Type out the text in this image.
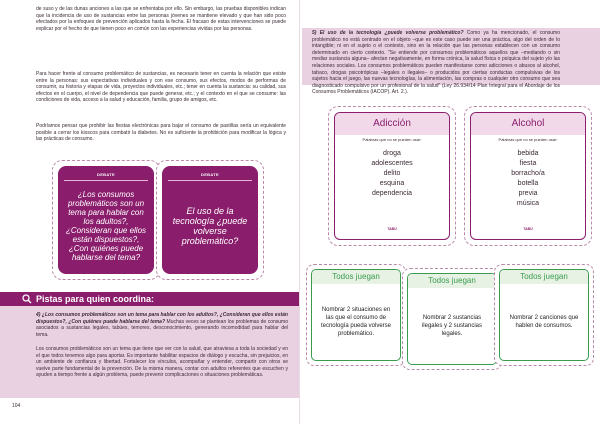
de suso y de las dunas anciones a las que se enfrentaba por ello. Sin embargo, las pruebas disponibles indican que la incidencia de uso de sustancias entre las personas jóvenes se mantiene elevado y que han sido poco efectados por la enfoques de prevención aplicados hasta la fecha. El fracaso de estas intervenciones se puede explicar por el hecho de que tienen poco en común con las experiencias vividas por las personas.

Para hacer frente al consumo problemático de sustancias, es necesario tener en cuenta la relación que existe entre la personas: sus expectativas individuales y con ese consumo, sus efectos, modos de performas de consumir, su historia y etapas de vida, proyectos individuales, etc.; tener en cuenta la sustancia: su calidad, sus efectos en el cuerpo, el nivel de dependencia que puede generar, etc.; y el contexto en el que se consume: las condiciones de vida, acceso a la salud y educación, familia, grupo de amigos, etc.

Podríamos pensar que prohibir las fiestas electrónicas para bajar el consumo de pastillas sería un equivalente posible a cerrar los kioscos para combatir la diabetes. No es suficiente la prohibición para modificar la lógica y las prácticas de consumo.

DEBATE
¿Los consumos problemáticos son un tema para hablar con los adultos?, ¿Consideran que ellos están dispuestos?, ¿Con quiénes puede hablarse del tema?
DEBATE
El uso de la tecnología ¿puede volverse problemático?
Pistas para quien coordina:

4) ¿Los consumos problemáticos son un tema para hablar con los adultos?, ¿Consideran que ellos están dispuestos?, ¿Con quiénes puede hablarse del tema? Muchas veces se plantean los problemas de consumo asociados a sustancias legales, tabúes, temores, desconocimiento, generando incomodidad para hablar del tema.

Los consumos problemáticos son un tema que tiene que ver con la salud, que atraviesa a toda la sociedad y en el que todos tenemos algo para aportar. Es importante habilitar espacios de diálogo y escucha, sin prejuicios, en un ambiente de confianza y libertad. Fortalecer los vínculos, acompañar y entender, compartir con otros se vuelve parte fundamental de la prevención. De la misma manera, contar con adultos referentes que escuchen y ayuden a tiempo frente a algún problema, puede prevenir complicaciones o situaciones problemáticas.

104

5) El uso de la tecnología ¿puede volverse problemático? Como ya ha mencionado, el consumo problemático no está centrado en el objeto –que es este caso puede ser una práctica, algo del orden de lo intangible; ni en el sujeto o el contexto, sino en la relación que las personas establecen con un consumo determinado en cierto contexto. "Se entiende por consumos problemáticos aquellos que –mediando o sin mediar sustancia alguna– afectan negativamente, en forma crónica, la salud física o psíquica del sujeto y/o las relaciones sociales. Los consumos problemáticos pueden manifestarse como adicciones o abusos al alcohol, tabaco, drogas psicotrópicas –legales o ilegales– o producidos por ciertas conductas compulsivas de los sujetos hacia el juego, las nuevas tecnologías, la alimentación, las compras o cualquier otro consumo que sea diagnosticado compulsivo por un profesional de la salud" (Ley 26.934/14 Plan Integral para el Abordaje de los Consumos Problemáticos (IACOP). Art. 2.).

Adicción
Palabras que no se pueden usar:
droga
adolescentes
delito
esquina
dependencia
TABÚ
Alcohol
Palabras que no se pueden usar:
bebida
fiesta
borracho/a
botella
previa
música
TABÚ
Todos juegan
Nombrar 2 situaciones en las que el consumo de tecnología pueda volverse problemático.
Todos juegan
Nombrar 2 sustancias ilegales y 2 sustancias legales.
Todos juegan
Nombrar 2 canciones que hablen de consumos.
